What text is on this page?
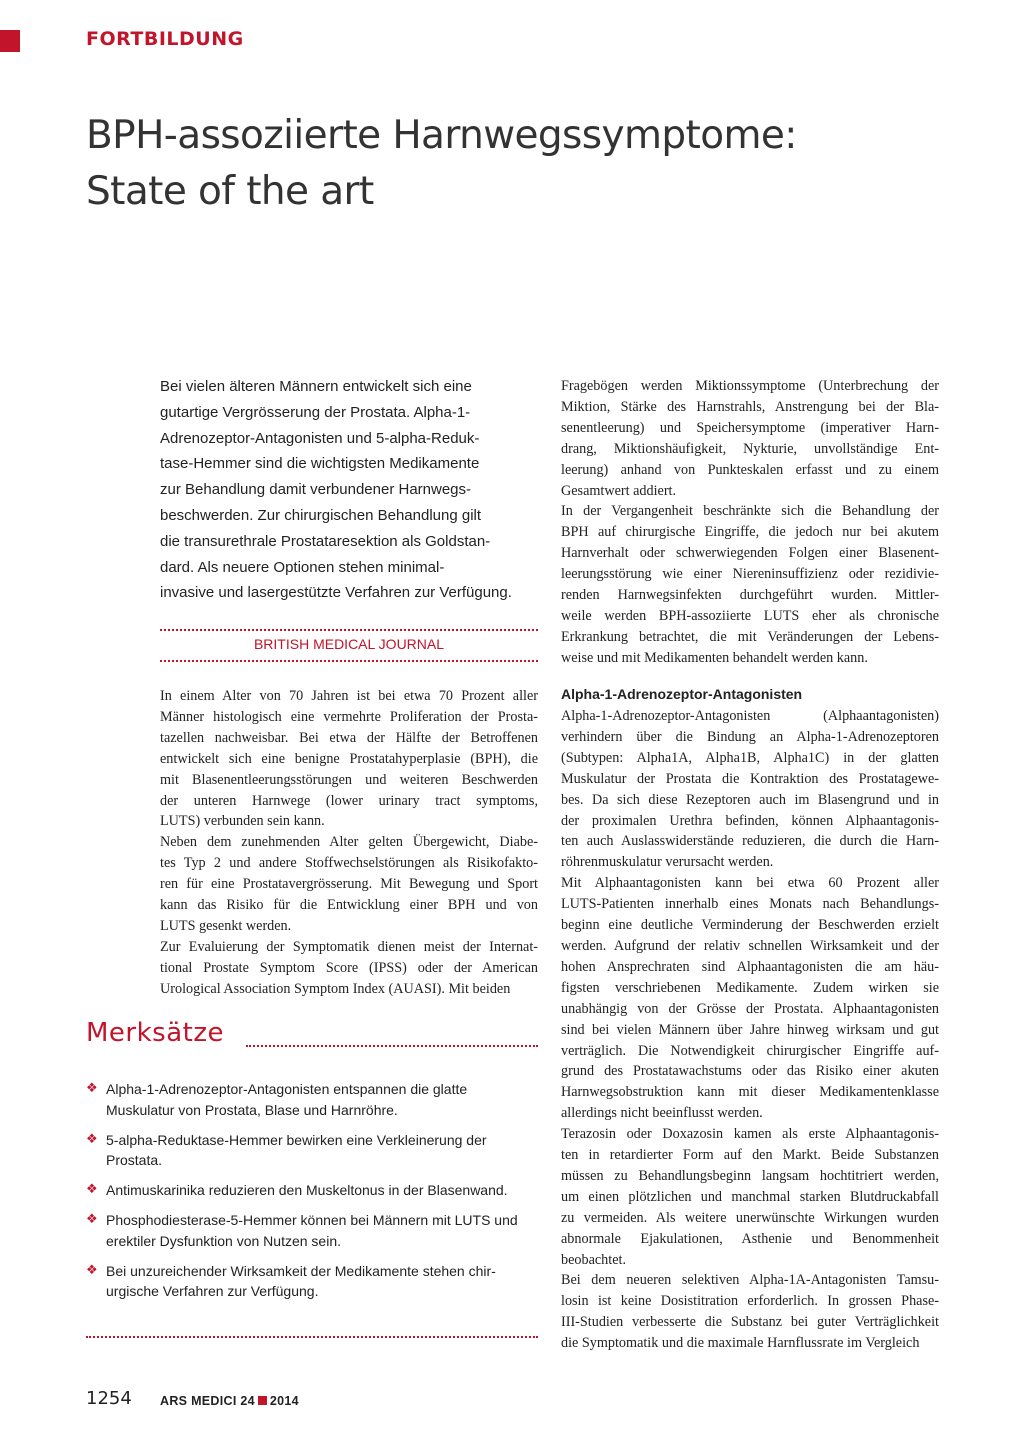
FORTBILDUNG
BPH-assoziierte Harnwegssymptome:
State of the art
Bei vielen älteren Männern entwickelt sich eine
gutartige Vergrösserung der Prostata. Alpha-1-
Adrenozeptor-Antagonisten und 5-alpha-Reduk-
tase-Hemmer sind die wichtigsten Medikamente
zur Behandlung damit verbundener Harnwegs-
beschwerden. Zur chirurgischen Behandlung gilt
die transurethrale Prostataresektion als Goldstan-
dard. Als neuere Optionen stehen minimal-
invasive und lasergestützte Verfahren zur Verfügung.
BRITISH MEDICAL JOURNAL
In einem Alter von 70 Jahren ist bei etwa 70 Prozent aller
Männer histologisch eine vermehrte Proliferation der Prosta-
tazellen nachweisbar. Bei etwa der Hälfte der Betroffenen
entwickelt sich eine benigne Prostatahyperplasie (BPH), die
mit Blasenentleerungsstörungen und weiteren Beschwerden
der unteren Harnwege (lower urinary tract symptoms,
LUTS) verbunden sein kann.
Neben dem zunehmenden Alter gelten Übergewicht, Diabe-
tes Typ 2 und andere Stoffwechselstörungen als Risikofakto-
ren für eine Prostatavergrösserung. Mit Bewegung und Sport
kann das Risiko für die Entwicklung einer BPH und von
LUTS gesenkt werden.
Zur Evaluierung der Symptomatik dienen meist der Internat-
tional Prostate Symptom Score (IPSS) oder der American
Urological Association Symptom Index (AUASI). Mit beiden
Fragebögen werden Miktionssymptome (Unterbrechung der
Miktion, Stärke des Harnstrahls, Anstrengung bei der Bla-
senentleerung) und Speichersymptome (imperativer Harn-
drang, Miktionshäufigkeit, Nykturie, unvollständige Ent-
leerung) anhand von Punkteskalen erfasst und zu einem
Gesamtwert addiert.
In der Vergangenheit beschränkte sich die Behandlung der
BPH auf chirurgische Eingriffe, die jedoch nur bei akutem
Harnverhalt oder schwerwiegenden Folgen einer Blasenent-
leerungsstörung wie einer Niereninsuffizienz oder rezidivie-
renden Harnwegsinfekten durchgeführt wurden. Mittler-
weile werden BPH-assoziierte LUTS eher als chronische
Erkrankung betrachtet, die mit Veränderungen der Lebens-
weise und mit Medikamenten behandelt werden kann.
Alpha-1-Adrenozeptor-Antagonisten
Alpha-1-Adrenozeptor-Antagonisten (Alphaantagonisten)
verhindern über die Bindung an Alpha-1-Adrenozeptoren
(Subtypen: Alpha1A, Alpha1B, Alpha1C) in der glatten
Muskulatur der Prostata die Kontraktion des Prostatagewe-
bes. Da sich diese Rezeptoren auch im Blasengrund und in
der proximalen Urethra befinden, können Alphaantagonis-
ten auch Auslasswiderstände reduzieren, die durch die Harn-
röhrenmuskulatur verursacht werden.
Mit Alphaantagonisten kann bei etwa 60 Prozent aller
LUTS-Patienten innerhalb eines Monats nach Behandlungs-
beginn eine deutliche Verminderung der Beschwerden erzielt
werden. Aufgrund der relativ schnellen Wirksamkeit und der
hohen Ansprechraten sind Alphaantagonisten die am häu-
figsten verschriebenen Medikamente. Zudem wirken sie
unabhängig von der Grösse der Prostata. Alphaantagonisten
sind bei vielen Männern über Jahre hinweg wirksam und gut
verträglich. Die Notwendigkeit chirurgischer Eingriffe auf-
grund des Prostatawachstums oder das Risiko einer akuten
Harnwegsobstruktion kann mit dieser Medikamentenklasse
allerdings nicht beeinflusst werden.
Terazosin oder Doxazosin kamen als erste Alphaantagonis-
ten in retardierter Form auf den Markt. Beide Substanzen
müssen zu Behandlungsbeginn langsam hochtitriert werden,
um einen plötzlichen und manchmal starken Blutdruckabfall
zu vermeiden. Als weitere unerwünschte Wirkungen wurden
abnormale Ejakulationen, Asthenie und Benommenheit
beobachtet.
Bei dem neueren selektiven Alpha-1A-Antagonisten Tamsu-
losin ist keine Dosistitration erforderlich. In grossen Phase-
III-Studien verbesserte die Substanz bei guter Verträglichkeit
die Symptomatik und die maximale Harnflussrate im Vergleich
Merksätze
❖ Alpha-1-Adrenozeptor-Antagonisten entspannen die glatte
Muskulatur von Prostata, Blase und Harnröhre.
❖ 5-alpha-Reduktase-Hemmer bewirken eine Verkleinerung der
Prostata.
❖ Antimuskarinika reduzieren den Muskeltonus in der Blasenwand.
❖ Phosphodiesterase-5-Hemmer können bei Männern mit LUTS und
erektiler Dysfunktion von Nutzen sein.
❖ Bei unzureichender Wirksamkeit der Medikamente stehen chir-
urgische Verfahren zur Verfügung.
1254 ARS MEDICI 24 2014
